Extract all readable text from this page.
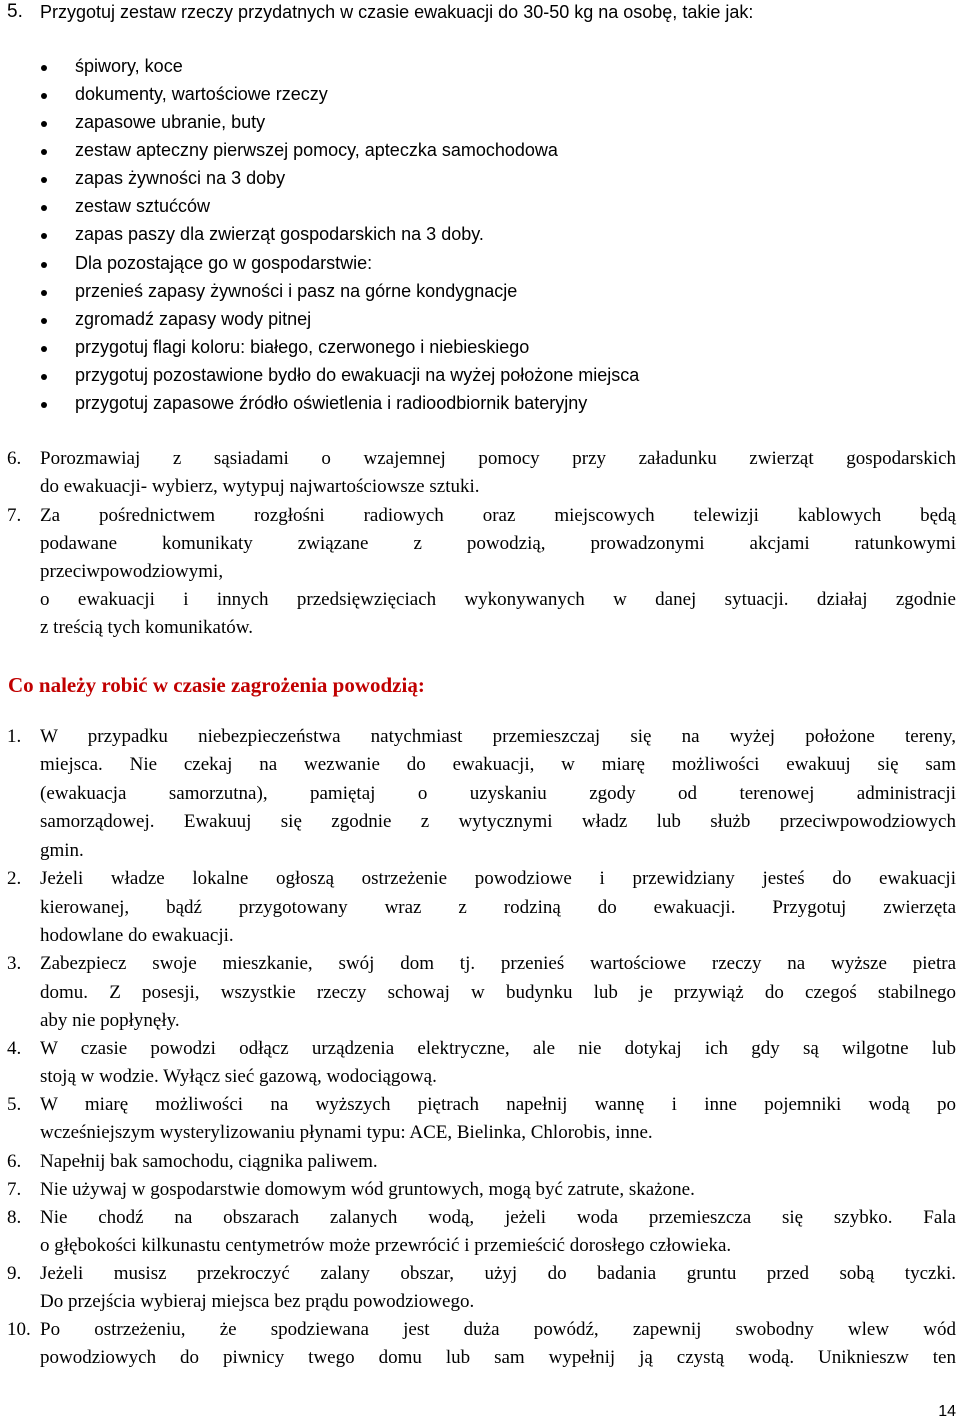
5. Przygotuj zestaw rzeczy przydatnych w czasie ewakuacji do 30-50 kg na osobę, takie jak:
śpiwory, koce
dokumenty, wartościowe rzeczy
zapasowe ubranie, buty
zestaw apteczny pierwszej pomocy, apteczka samochodowa
zapas żywności na 3 doby
zestaw sztućców
zapas paszy dla zwierząt gospodarskich na 3 doby.
Dla pozostające go w gospodarstwie:
przenieś zapasy żywności i pasz na górne kondygnacje
zgromadź zapasy wody pitnej
przygotuj flagi koloru: białego, czerwonego i niebieskiego
przygotuj pozostawione bydło do ewakuacji na wyżej położone miejsca
przygotuj zapasowe źródło oświetlenia i radioodbiornik bateryjny
6. Porozmawiaj z sąsiadami o wzajemnej pomocy przy załadunku zwierząt gospodarskich
do ewakuacji- wybierz, wytypuj najwartościowsze sztuki.
7. Za pośrednictwem rozgłośni radiowych oraz miejscowych telewizji kablowych będą
podawane komunikaty związane z powodzią, prowadzonymi akcjami ratunkowymi
przeciwpowodziowymi,
o ewakuacji i innych przedsięwzięciach wykonywanych w danej sytuacji. działaj zgodnie
z treścią tych komunikatów.
Co należy robić w czasie zagrożenia powodzią:
1. W przypadku niebezpieczeństwa natychmiast przemieszczaj się na wyżej położone tereny,
miejsca. Nie czekaj na wezwanie do ewakuacji, w miarę możliwości ewakuuj się sam
(ewakuacja samorzutna), pamiętaj o uzyskaniu zgody od terenowej administracji
samorządowej. Ewakuuj się zgodnie z wytycznymi władz lub służb przeciwpowodziowych
gmin.
2. Jeżeli władze lokalne ogłoszą ostrzeżenie powodziowe i przewidziany jesteś do ewakuacji
kierowanej, bądź przygotowany wraz z rodziną do ewakuacji. Przygotuj zwierzęta
hodowlane do ewakuacji.
3. Zabezpiecz swoje mieszkanie, swój dom tj. przenieś wartościowe rzeczy na wyższe pietra
domu. Z posesji, wszystkie rzeczy schowaj w budynku lub je przywiąż do czegoś stabilnego
aby nie popłynęły.
4. W czasie powodzi odłącz urządzenia elektryczne, ale nie dotykaj ich gdy są wilgotne lub
stoją w wodzie. Wyłącz sieć gazową, wodociągową.
5. W miarę możliwości na wyższych piętrach napełnij wannę i inne pojemniki wodą po
wcześniejszym wysterylizowaniu płynami typu: ACE, Bielinka, Chlorobis, inne.
6. Napełnij bak samochodu, ciągnika paliwem.
7. Nie używaj w gospodarstwie domowym wód gruntowych, mogą być zatrute, skażone.
8. Nie chodź na obszarach zalanych wodą, jeżeli woda przemieszcza się szybko. Fala
o głębokości kilkunastu centymetrów może przewrócić i przemieścić dorosłego człowieka.
9. Jeżeli musisz przekroczyć zalany obszar, użyj do badania gruntu przed sobą tyczki.
Do przejścia wybieraj miejsca bez prądu powodziowego.
10. Po ostrzeżeniu, że spodziewana jest duża powódź, zapewnij swobodny wlew wód
powodziowych do piwnicy twego domu lub sam wypełnij ją czystą wodą. Uniknieszw ten
14
